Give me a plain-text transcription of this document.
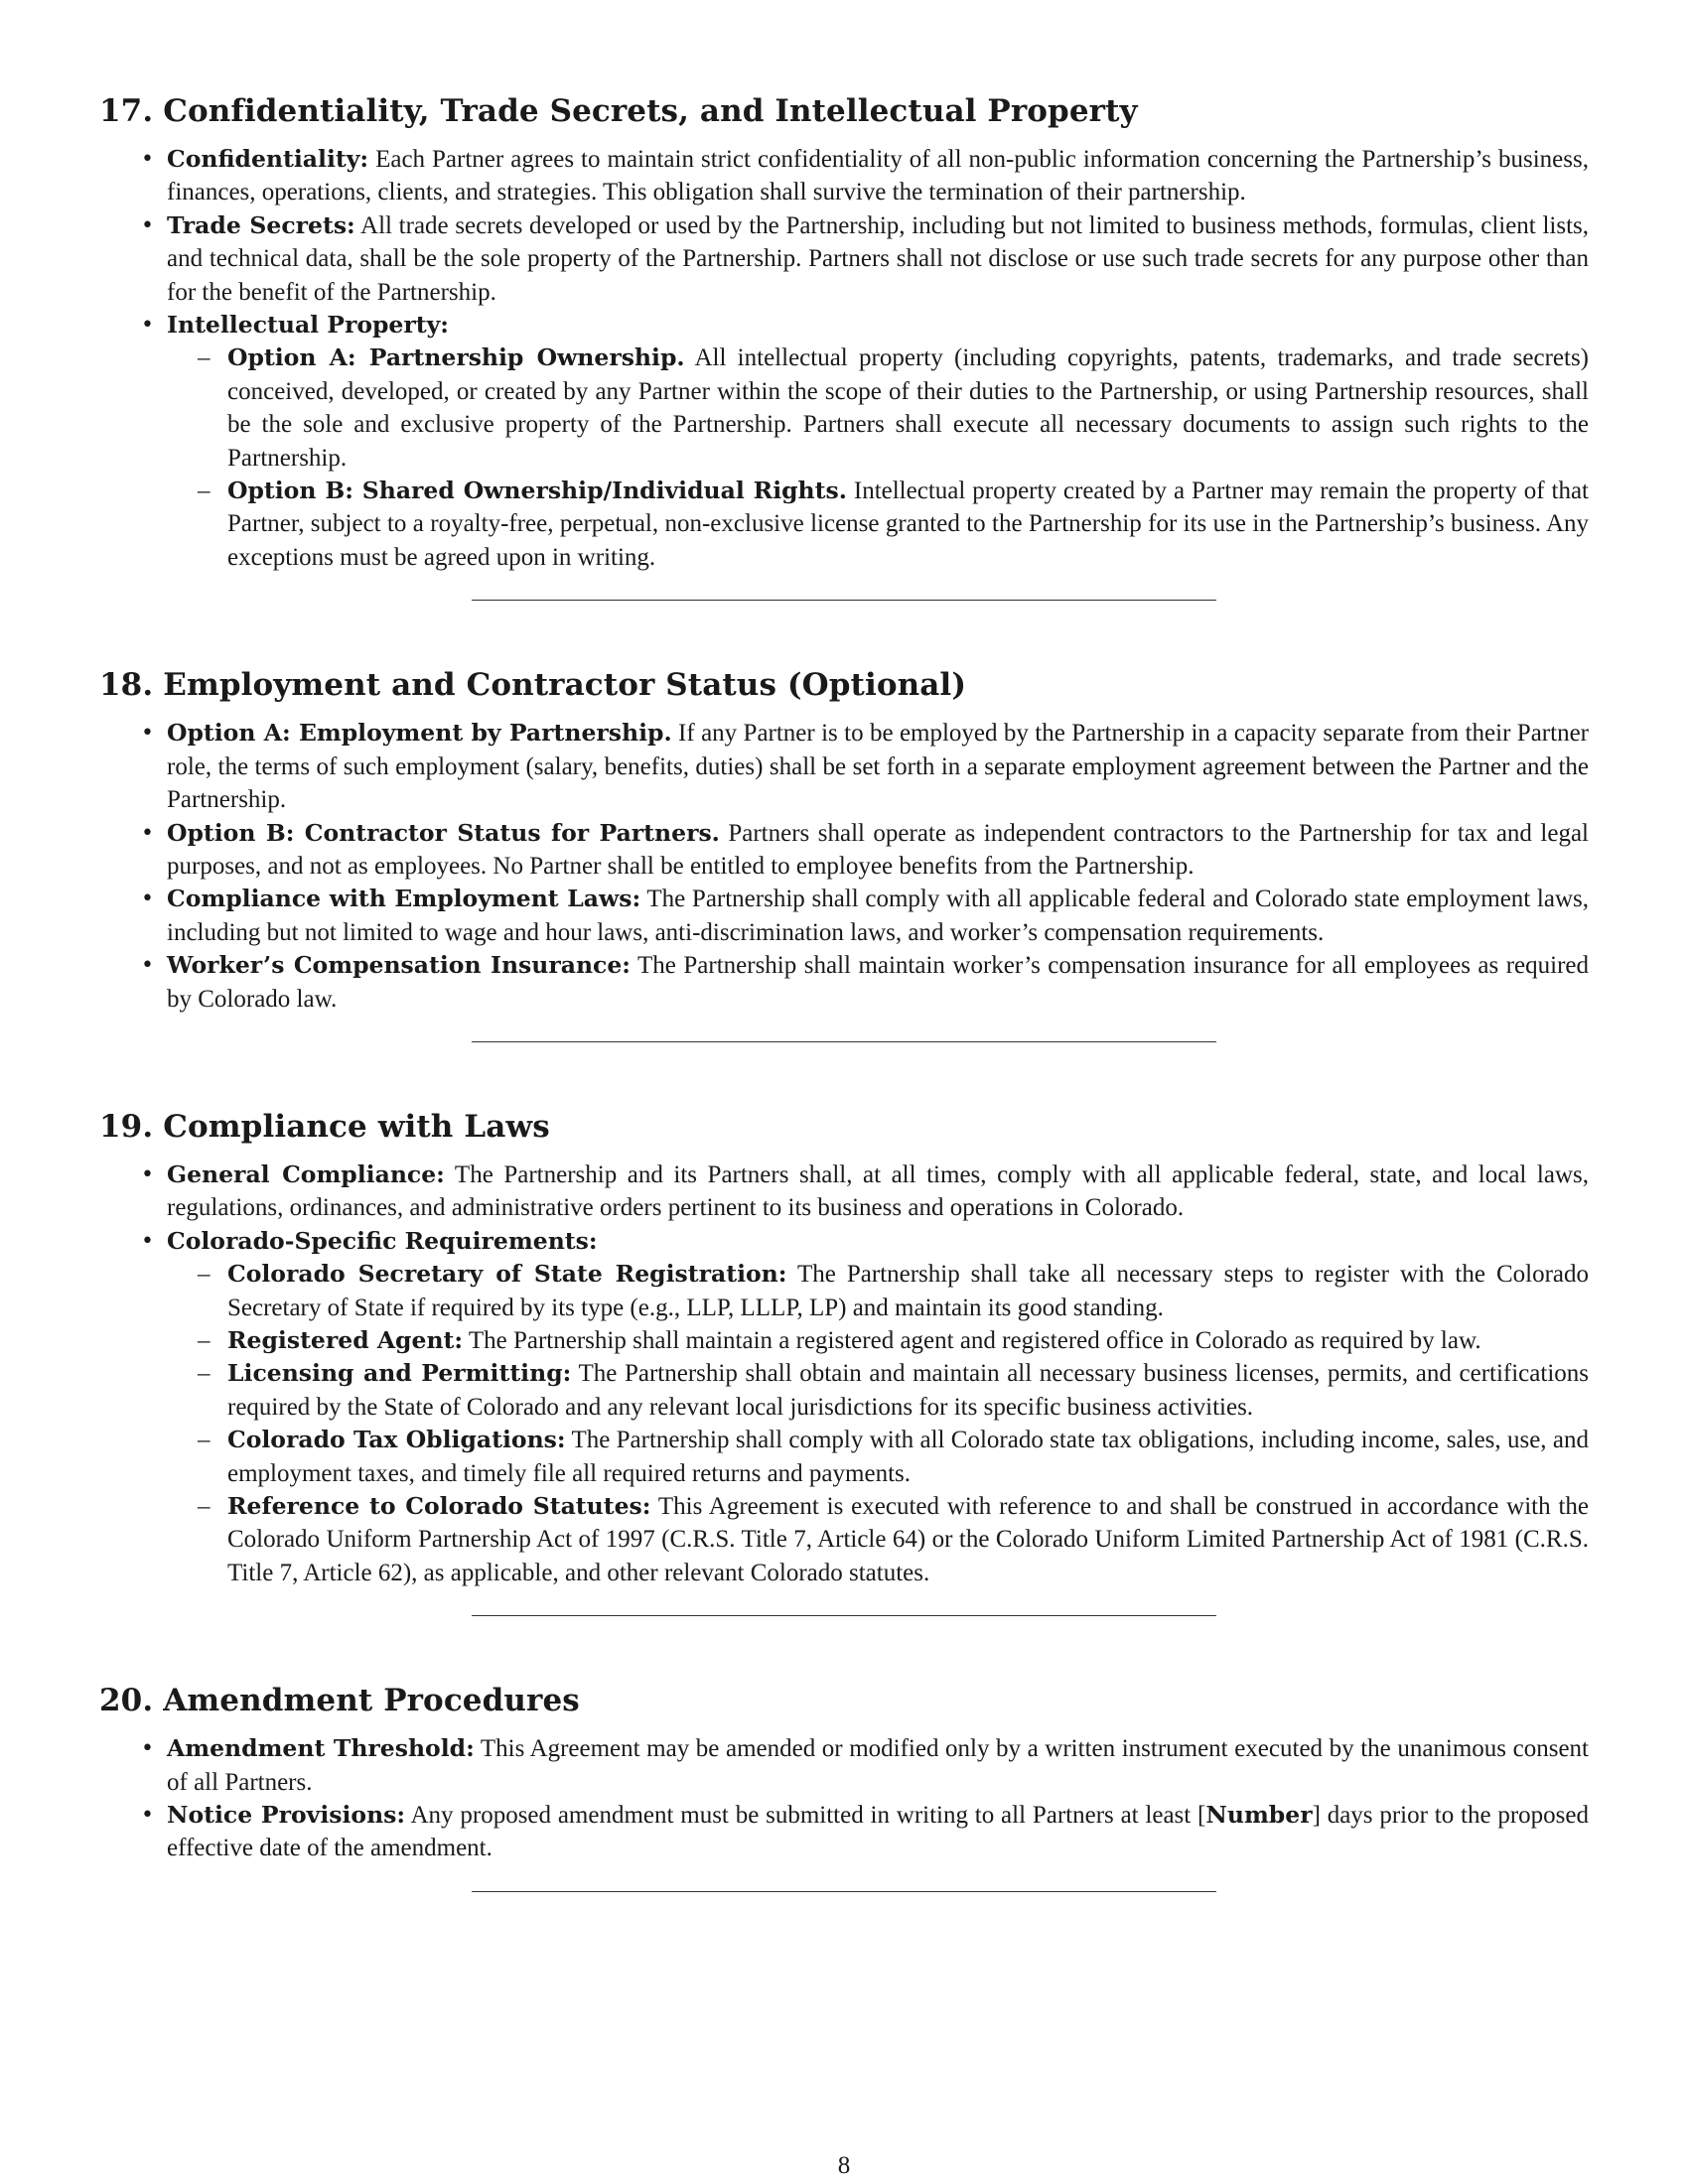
17. Confidentiality, Trade Secrets, and Intellectual Property
• Confidentiality: Each Partner agrees to maintain strict confidentiality of all non-public information concerning the Partnership’s business, finances, operations, clients, and strategies. This obligation shall survive the termination of their partnership.
• Trade Secrets: All trade secrets developed or used by the Partnership, including but not limited to business methods, formulas, client lists, and technical data, shall be the sole property of the Partnership. Partners shall not disclose or use such trade secrets for any purpose other than for the benefit of the Partnership.
• Intellectual Property:
– Option A: Partnership Ownership. All intellectual property (including copyrights, patents, trademarks, and trade secrets) conceived, developed, or created by any Partner within the scope of their duties to the Partnership, or using Partnership resources, shall be the sole and exclusive property of the Partnership. Partners shall execute all necessary documents to assign such rights to the Partnership.
– Option B: Shared Ownership/Individual Rights. Intellectual property created by a Partner may remain the property of that Partner, subject to a royalty-free, perpetual, non-exclusive license granted to the Partnership for its use in the Partnership’s business. Any exceptions must be agreed upon in writing.
18. Employment and Contractor Status (Optional)
• Option A: Employment by Partnership. If any Partner is to be employed by the Partnership in a capacity separate from their Partner role, the terms of such employment (salary, benefits, duties) shall be set forth in a separate employment agreement between the Partner and the Partnership.
• Option B: Contractor Status for Partners. Partners shall operate as independent contractors to the Partnership for tax and legal purposes, and not as employees. No Partner shall be entitled to employee benefits from the Partnership.
• Compliance with Employment Laws: The Partnership shall comply with all applicable federal and Colorado state employment laws, including but not limited to wage and hour laws, anti-discrimination laws, and worker’s compensation requirements.
• Worker’s Compensation Insurance: The Partnership shall maintain worker’s compensation insurance for all employees as required by Colorado law.
19. Compliance with Laws
• General Compliance: The Partnership and its Partners shall, at all times, comply with all applicable federal, state, and local laws, regulations, ordinances, and administrative orders pertinent to its business and operations in Colorado.
• Colorado-Specific Requirements:
– Colorado Secretary of State Registration: The Partnership shall take all necessary steps to register with the Colorado Secretary of State if required by its type (e.g., LLP, LLLP, LP) and maintain its good standing.
– Registered Agent: The Partnership shall maintain a registered agent and registered office in Colorado as required by law.
– Licensing and Permitting: The Partnership shall obtain and maintain all necessary business licenses, permits, and certifications required by the State of Colorado and any relevant local jurisdictions for its specific business activities.
– Colorado Tax Obligations: The Partnership shall comply with all Colorado state tax obligations, including income, sales, use, and employment taxes, and timely file all required returns and payments.
– Reference to Colorado Statutes: This Agreement is executed with reference to and shall be construed in accordance with the Colorado Uniform Partnership Act of 1997 (C.R.S. Title 7, Article 64) or the Colorado Uniform Limited Partnership Act of 1981 (C.R.S. Title 7, Article 62), as applicable, and other relevant Colorado statutes.
20. Amendment Procedures
• Amendment Threshold: This Agreement may be amended or modified only by a written instrument executed by the unanimous consent of all Partners.
• Notice Provisions: Any proposed amendment must be submitted in writing to all Partners at least [Number] days prior to the proposed effective date of the amendment.
8
